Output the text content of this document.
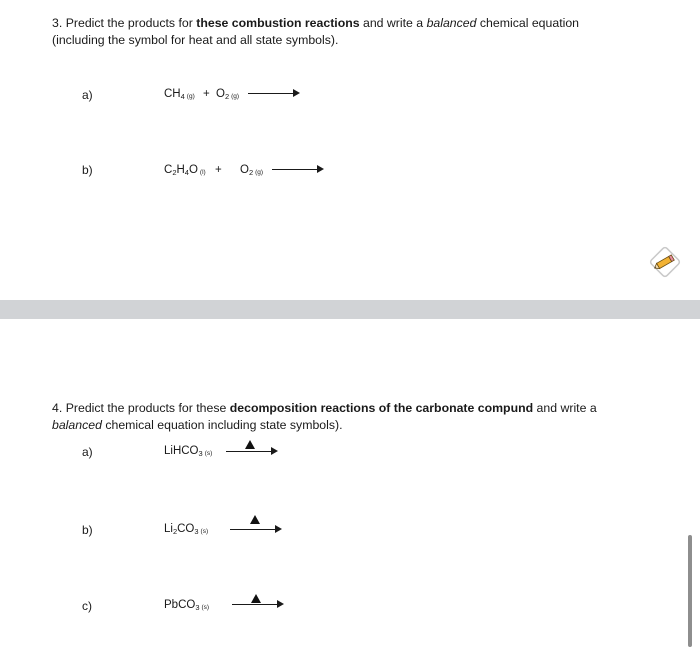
3. Predict the products for these combustion reactions and write a balanced chemical equation (including the symbol for heat and all state symbols).
a)	$CH_4$ $(g) + O_2$ (g)
b)	$C_2H_4O$ $(l) + O_2$ (g)
4. Predict the products for these decomposition reactions of the carbonate compund and write a balanced chemical equation including state symbols).
a)	LiHCO$_3$ (s)
b)	$Li_2CO_3$ (s)
c)	PbCO$_3$ (s)
